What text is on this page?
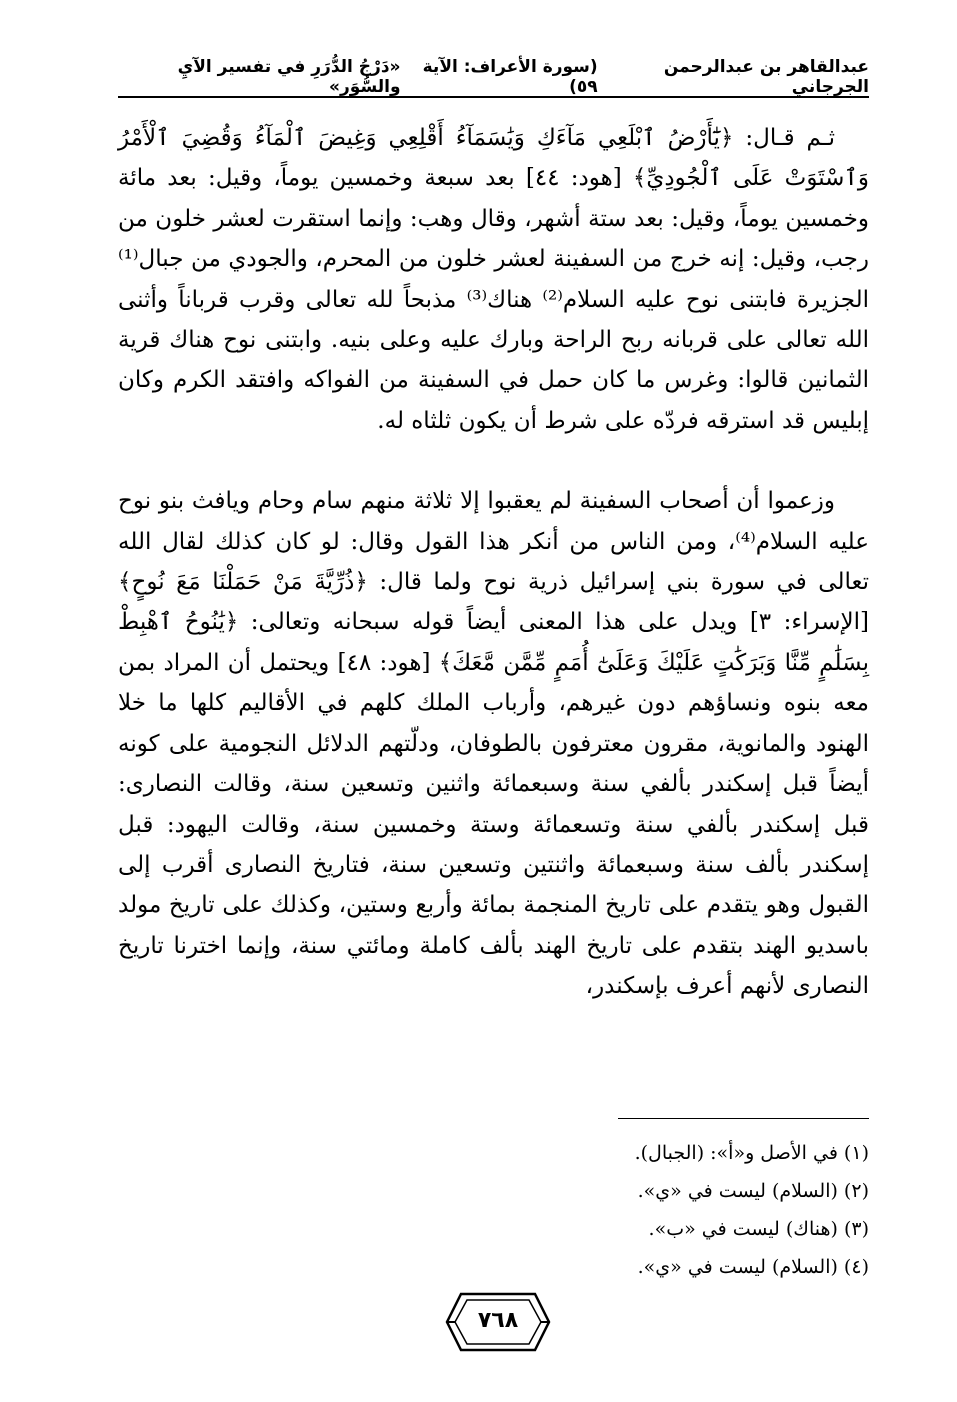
عبدالقاهر بن عبدالرحمن الجرجاني
(سورة الأعراف: الآية ٥٩)
«دَرْجُ الدُّرَرِ في تفسير الآيِ والسُّوَر»

ثـم قـال: ﴿يَٰٓأَرْضُ ٱبْلَعِي مَآءَكِ وَيَٰسَمَآءُ أَقْلِعِي وَغِيضَ ٱلْمَآءُ وَقُضِيَ ٱلْأَمْرُ وَٱسْتَوَتْ عَلَى ٱلْجُودِيِّ﴾ [هود: ٤٤] بعد سبعة وخمسين يوماً، وقيل: بعد مائة وخمسين يوماً، وقيل: بعد ستة أشهر، وقال وهب: وإنما استقرت لعشر خلون من رجب، وقيل: إنه خرج من السفينة لعشر خلون من المحرم، والجودي من جبال⁽¹⁾ الجزيرة فابتنى نوح عليه السلام⁽²⁾ هناك⁽³⁾ مذبحاً لله تعالى وقرب قرباناً وأثنى الله تعالى على قربانه ربح الراحة وبارك عليه وعلى بنيه. وابتنى نوح هناك قرية الثمانين قالوا: وغرس ما كان حمل في السفينة من الفواكه وافتقد الكرم وكان إبليس قد استرقه فردّه على شرط أن يكون ثلثاه له.

وزعموا أن أصحاب السفينة لم يعقبوا إلا ثلاثة منهم سام وحام ويافث بنو نوح عليه السلام⁽⁴⁾، ومن الناس من أنكر هذا القول وقال: لو كان كذلك لقال الله تعالى في سورة بني إسرائيل ذرية نوح ولما قال: ﴿ذُرِّيَّةَ مَنْ حَمَلْنَا مَعَ نُوحٍ﴾ [الإسراء: ٣] ويدل على هذا المعنى أيضاً قوله سبحانه وتعالى: ﴿يَٰنُوحُ ٱهْبِطْ بِسَلَٰمٍ مِّنَّا وَبَرَكَٰتٍ عَلَيْكَ وَعَلَىٰٓ أُمَمٍ مِّمَّن مَّعَكَ﴾ [هود: ٤٨] ويحتمل أن المراد بمن معه بنوه ونساؤهم دون غيرهم، وأرباب الملك كلهم في الأقاليم كلها ما خلا الهنود والمانوية، مقرون معترفون بالطوفان، ودلّتهم الدلائل النجومية على كونه أيضاً قبل إسكندر بألفي سنة وسبعمائة واثنين وتسعين سنة، وقالت النصارى: قبل إسكندر بألفي سنة وتسعمائة وستة وخمسين سنة، وقالت اليهود: قبل إسكندر بألف سنة وسبعمائة واثنتين وتسعين سنة، فتاريخ النصارى أقرب إلى القبول وهو يتقدم على تاريخ المنجمة بمائة وأربع وستين، وكذلك على تاريخ مولد باسديو الهند بتقدم على تاريخ الهند بألف كاملة ومائتي سنة، وإنما اخترنا تاريخ النصارى لأنهم أعرف بإسكندر،

(١) في الأصل و«أ»: (الجبال).
(٢) (السلام) ليست في «ي».
(٣) (هناك) ليست في «ب».
(٤) (السلام) ليست في «ي».
٧٦٨
